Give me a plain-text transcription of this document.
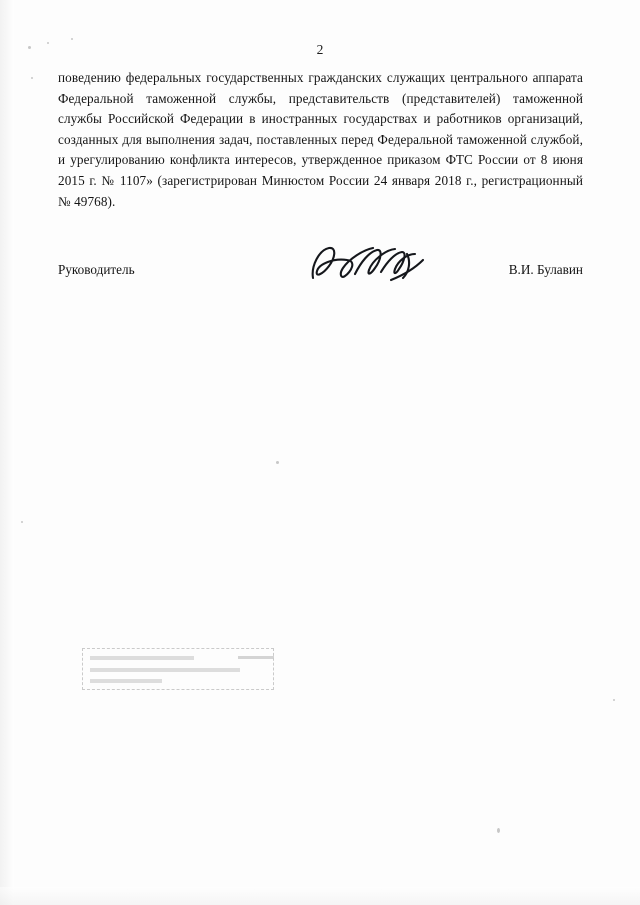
2

поведению федеральных государственных гражданских служащих центрального аппарата Федеральной таможенной службы, представительств (представителей) таможенной службы Российской Федерации в иностранных государствах и работников организаций, созданных для выполнения задач, поставленных перед Федеральной таможенной службой, и урегулированию конфликта интересов, утвержденное приказом ФТС России от 8 июня 2015 г. № 1107» (зарегистрирован Минюстом России 24 января 2018 г., регистрационный № 49768).

Руководитель	В.И. Булавин
